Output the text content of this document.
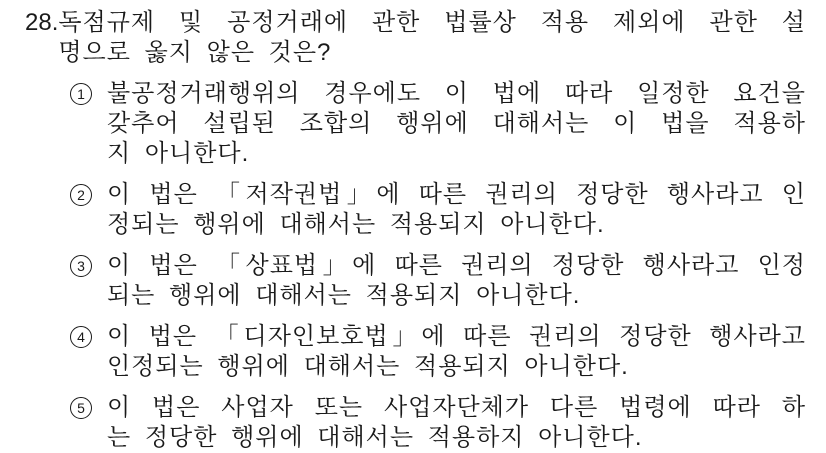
28. 독점규제 및 공정거래에 관한 법률상 적용 제외에 관한 설
명으로 옳지 않은 것은?
1 불공정거래행위의 경우에도 이 법에 따라 일정한 요건을
갖추어 설립된 조합의 행위에 대해서는 이 법을 적용하
지 아니한다.
2 이 법은 「저작권법」에 따른 권리의 정당한 행사라고 인
정되는 행위에 대해서는 적용되지 아니한다.
3 이 법은 「상표법」에 따른 권리의 정당한 행사라고 인정
되는 행위에 대해서는 적용되지 아니한다.
4 이 법은 「디자인보호법」에 따른 권리의 정당한 행사라고
인정되는 행위에 대해서는 적용되지 아니한다.
5 이 법은 사업자 또는 사업자단체가 다른 법령에 따라 하
는 정당한 행위에 대해서는 적용하지 아니한다.
